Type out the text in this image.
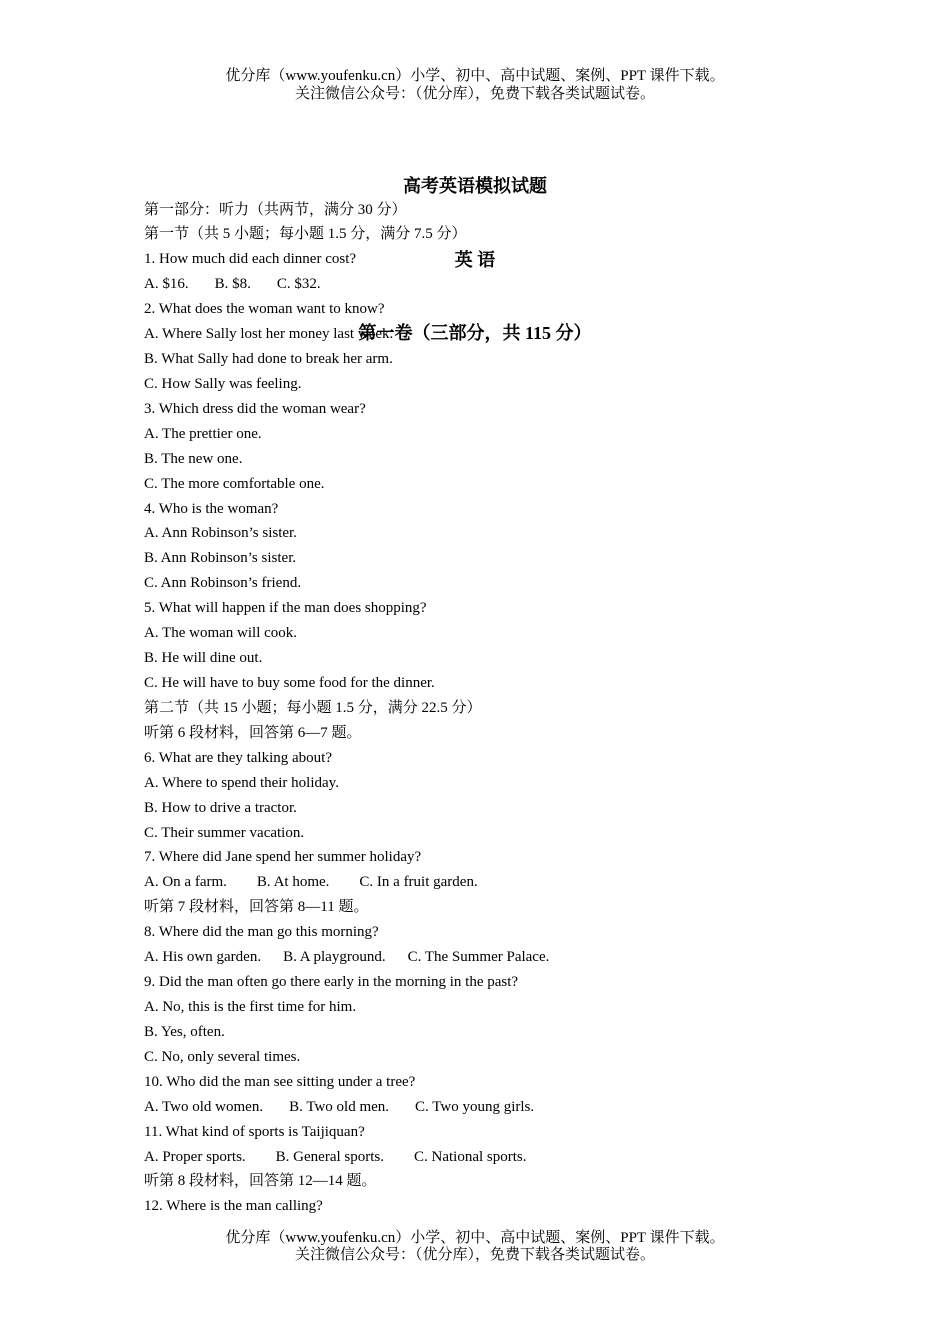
优分库（www.youfenku.cn）小学、初中、高中试题、案例、PPT 课件下载。
关注微信公众号：（优分库），免费下载各类试题试卷。

高考英语模拟试题

英 语

第一卷（三部分，共 115 分）

第一部分：听力（共两节，满分 30 分）
第一节（共 5 小题；每小题 1.5 分，满分 7.5 分）
1. How much did each dinner cost?
A. $16. B. $8. C. $32.
2. What does the woman want to know?
A. Where Sally lost her money last week.
B. What Sally had done to break her arm.
C. How Sally was feeling.
3. Which dress did the woman wear?
A. The prettier one.
B. The new one.
C. The more comfortable one.
4. Who is the woman?
A. Ann Robinson’s sister.
B. Ann Robinson’s sister.
C. Ann Robinson’s friend.
5. What will happen if the man does shopping?
A. The woman will cook.
B. He will dine out.
C. He will have to buy some food for the dinner.
第二节（共 15 小题；每小题 1.5 分，满分 22.5 分）
听第 6 段材料，回答第 6—7 题。
6. What are they talking about?
A. Where to spend their holiday.
B. How to drive a tractor.
C. Their summer vacation.
7. Where did Jane spend her summer holiday?
A. On a farm. B. At home. C. In a fruit garden.
听第 7 段材料，回答第 8—11 题。
8. Where did the man go this morning?
A. His own garden. B. A playground. C. The Summer Palace.
9. Did the man often go there early in the morning in the past?
A. No, this is the first time for him.
B. Yes, often.
C. No, only several times.
10. Who did the man see sitting under a tree?
A. Two old women. B. Two old men. C. Two young girls.
11. What kind of sports is Taijiquan?
A. Proper sports. B. General sports. C. National sports.
听第 8 段材料，回答第 12—14 题。
12. Where is the man calling?
优分库（www.youfenku.cn）小学、初中、高中试题、案例、PPT 课件下载。
关注微信公众号：（优分库），免费下载各类试题试卷。
